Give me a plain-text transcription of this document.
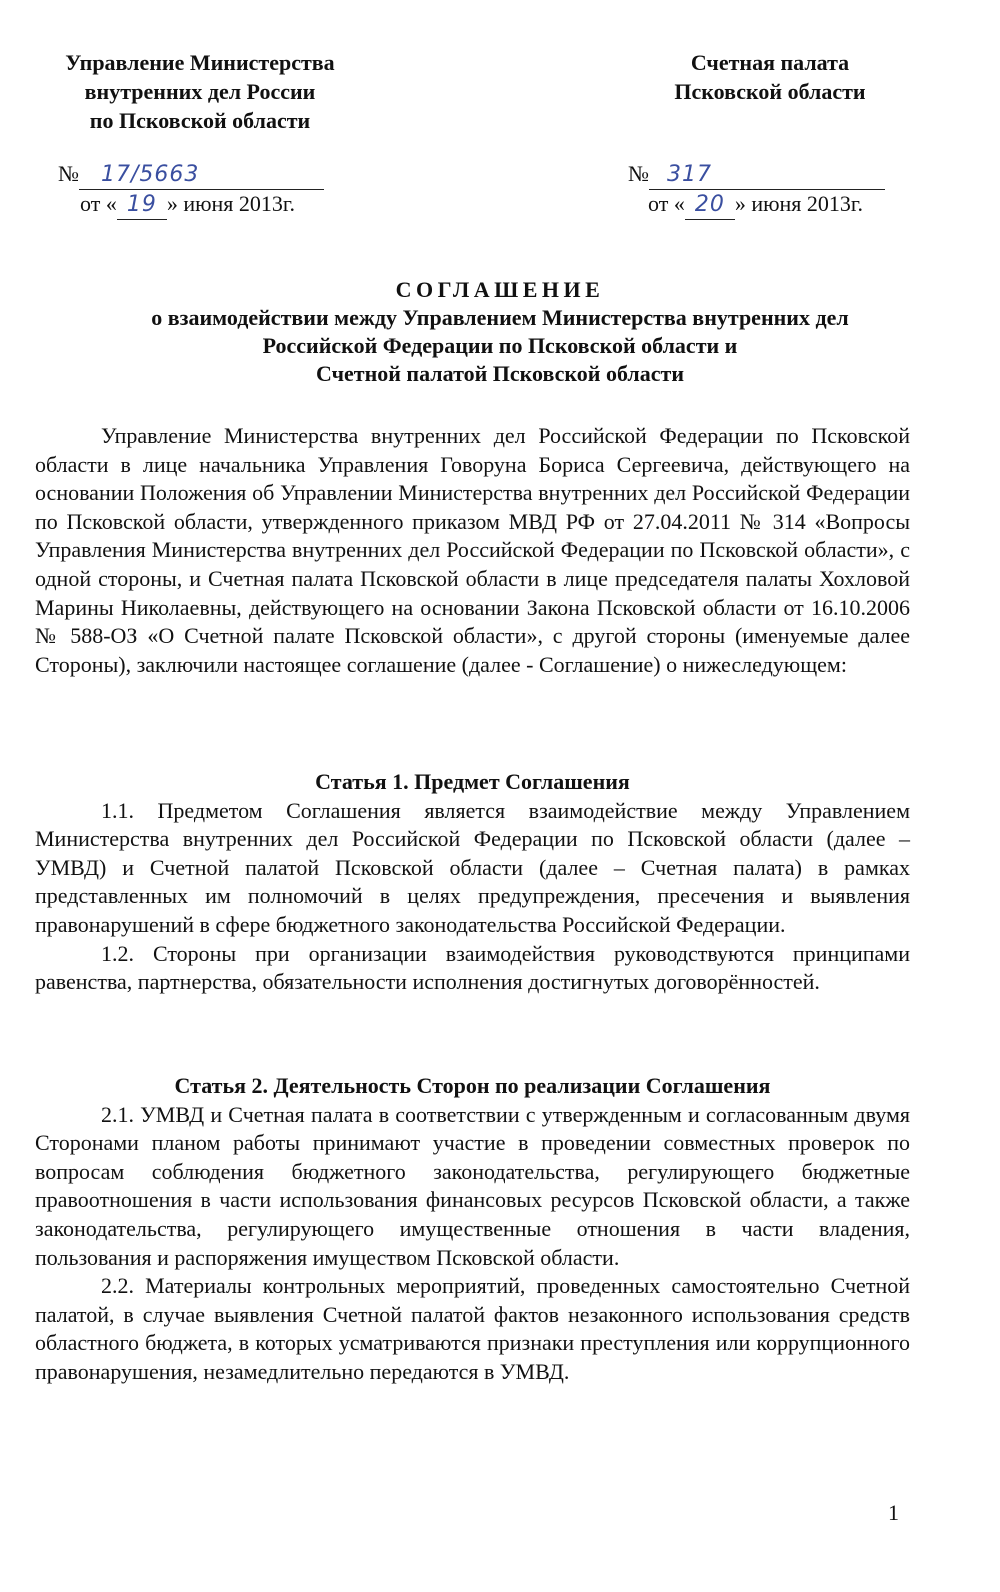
Управление Министерства
внутренних дел России
по Псковской области
Счетная палата
Псковской области
№ 17/5663
от « 19 » июня 2013г.
№ 317
от « 20 » июня 2013г.
СОГЛАШЕНИЕ
о взаимодействии между Управлением Министерства внутренних дел
Российской Федерации по Псковской области и
Счетной палатой Псковской области

Управление Министерства внутренних дел Российской Федерации по Псковской области в лице начальника Управления Говоруна Бориса Сергеевича, действующего на основании Положения об Управлении Министерства внутренних дел Российской Федерации по Псковской области, утвержденного приказом МВД РФ от 27.04.2011 № 314 «Вопросы Управления Министерства внутренних дел Российской Федерации по Псковской области», с одной стороны, и Счетная палата Псковской области в лице председателя палаты Хохловой Марины Николаевны, действующего на основании Закона Псковской области от 16.10.2006 № 588-ОЗ «О Счетной палате Псковской области», с другой стороны (именуемые далее Стороны), заключили настоящее соглашение (далее - Соглашение) о нижеследующем:

Статья 1. Предмет Соглашения

1.1. Предметом Соглашения является взаимодействие между Управлением Министерства внутренних дел Российской Федерации по Псковской области (далее – УМВД) и Счетной палатой Псковской области (далее – Счетная палата) в рамках представленных им полномочий в целях предупреждения, пресечения и выявления правонарушений в сфере бюджетного законодательства Российской Федерации.

1.2. Стороны при организации взаимодействия руководствуются принципами равенства, партнерства, обязательности исполнения достигнутых договорённостей.

Статья 2. Деятельность Сторон по реализации Соглашения

2.1. УМВД и Счетная палата в соответствии с утвержденным и согласованным двумя Сторонами планом работы принимают участие в проведении совместных проверок по вопросам соблюдения бюджетного законодательства, регулирующего бюджетные правоотношения в части использования финансовых ресурсов Псковской области, а также законодательства, регулирующего имущественные отношения в части владения, пользования и распоряжения имуществом Псковской области.

2.2. Материалы контрольных мероприятий, проведенных самостоятельно Счетной палатой, в случае выявления Счетной палатой фактов незаконного использования средств областного бюджета, в которых усматриваются признаки преступления или коррупционного правонарушения, незамедлительно передаются в УМВД.

1
